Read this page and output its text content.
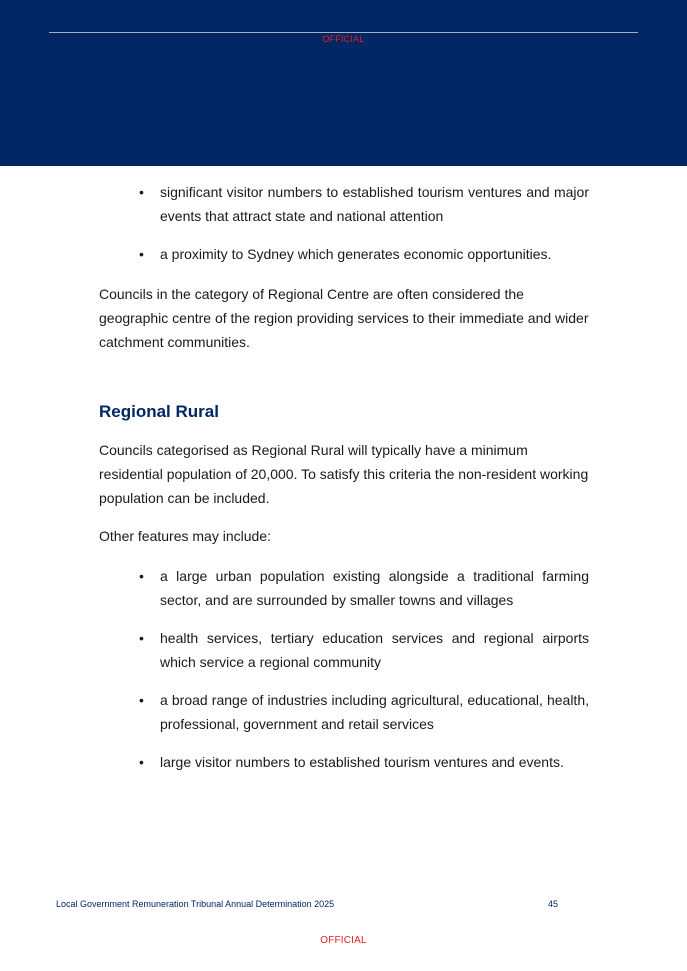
OFFICIAL
•	significant visitor numbers to established tourism ventures and major events that attract state and national attention
•	a proximity to Sydney which generates economic opportunities.

Councils in the category of Regional Centre are often considered the geographic centre of the region providing services to their immediate and wider catchment communities.

Regional Rural

Councils categorised as Regional Rural will typically have a minimum residential population of 20,000. To satisfy this criteria the non-resident working population can be included.

Other features may include:

•	a large urban population existing alongside a traditional farming sector, and are surrounded by smaller towns and villages
•	health services, tertiary education services and regional airports which service a regional community
•	a broad range of industries including agricultural, educational, health, professional, government and retail services
•	large visitor numbers to established tourism ventures and events.
Local Government Remuneration Tribunal Annual Determination 2025	45
OFFICIAL
